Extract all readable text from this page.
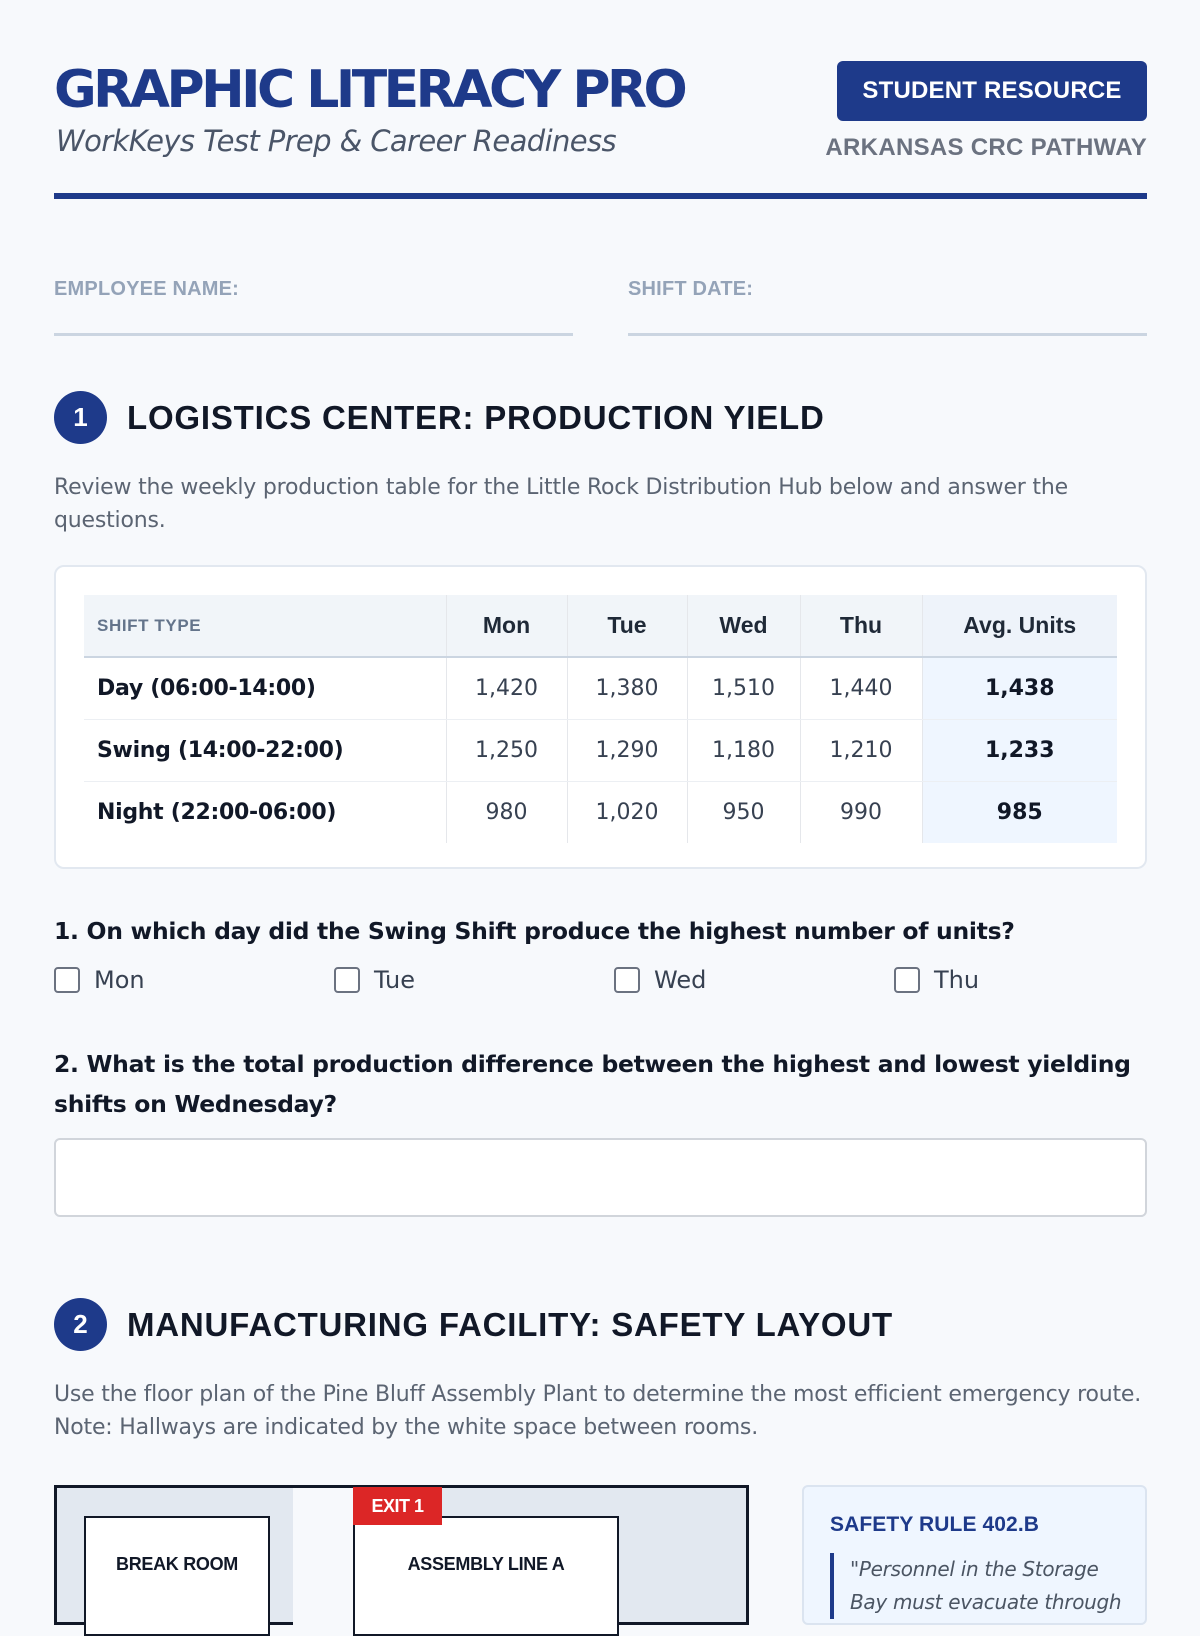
GRAPHIC LITERACY PRO
WorkKeys Test Prep & Career Readiness
STUDENT RESOURCE
ARKANSAS CRC PATHWAY
EMPLOYEE NAME:	SHIFT DATE:
1	LOGISTICS CENTER: PRODUCTION YIELD
Review the weekly production table for the Little Rock Distribution Hub below and answer the questions.
SHIFT TYPE	Mon	Tue	Wed	Thu	Avg. Units
Day (06:00-14:00)	1,420	1,380	1,510	1,440	1,438
Swing (14:00-22:00)	1,250	1,290	1,180	1,210	1,233
Night (22:00-06:00)	980	1,020	950	990	985
1. On which day did the Swing Shift produce the highest number of units?
Mon	Tue	Wed	Thu
2. What is the total production difference between the highest and lowest yielding shifts on Wednesday?
2	MANUFACTURING FACILITY: SAFETY LAYOUT
Use the floor plan of the Pine Bluff Assembly Plant to determine the most efficient emergency route. Note: Hallways are indicated by the white space between rooms.
BREAK ROOM	ASSEMBLY LINE A
EXIT 1
SAFETY RULE 402.B
"Personnel in the Storage Bay must evacuate through
